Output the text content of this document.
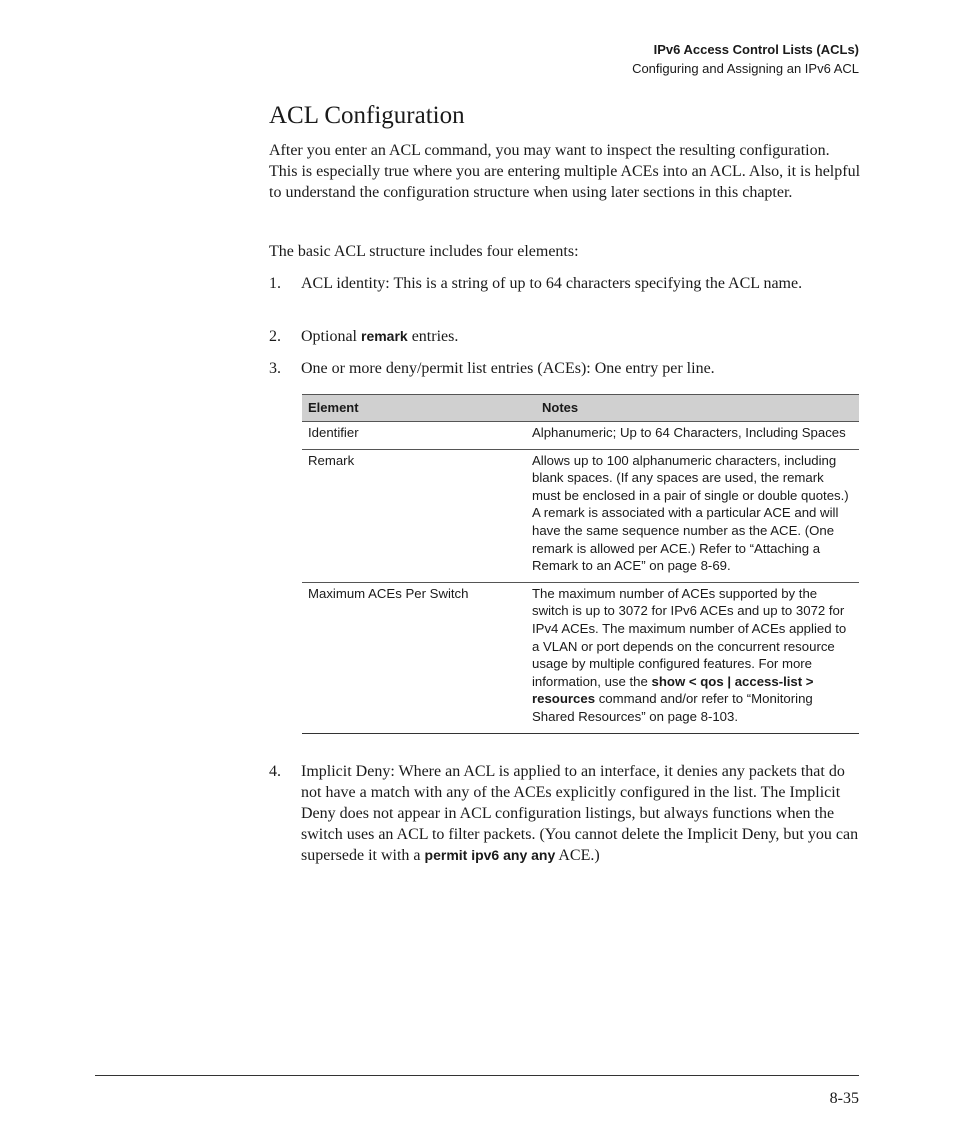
IPv6 Access Control Lists (ACLs)
Configuring and Assigning an IPv6 ACL
ACL Configuration

After you enter an ACL command, you may want to inspect the resulting configuration. This is especially true where you are entering multiple ACEs into an ACL. Also, it is helpful to understand the configuration structure when using later sections in this chapter.

The basic ACL structure includes four elements:

1. ACL identity: This is a string of up to 64 characters specifying the ACL name.
2. Optional remark entries.
3. One or more deny/permit list entries (ACEs): One entry per line.
Element	Notes
Identifier	Alphanumeric; Up to 64 Characters, Including Spaces
Remark	Allows up to 100 alphanumeric characters, including blank spaces. (If any spaces are used, the remark must be enclosed in a pair of single or double quotes.) A remark is associated with a particular ACE and will have the same sequence number as the ACE. (One remark is allowed per ACE.) Refer to “Attaching a Remark to an ACE” on page 8-69.
Maximum ACEs Per Switch	The maximum number of ACEs supported by the switch is up to 3072 for IPv6 ACEs and up to 3072 for IPv4 ACEs. The maximum number of ACEs applied to a VLAN or port depends on the concurrent resource usage by multiple configured features. For more information, use the show < qos | access-list > resources command and/or refer to “Monitoring Shared Resources” on page 8-103.
4. Implicit Deny: Where an ACL is applied to an interface, it denies any packets that do not have a match with any of the ACEs explicitly configured in the list. The Implicit Deny does not appear in ACL configuration listings, but always functions when the switch uses an ACL to filter packets. (You cannot delete the Implicit Deny, but you can supersede it with a permit ipv6 any any ACE.)
8-35
